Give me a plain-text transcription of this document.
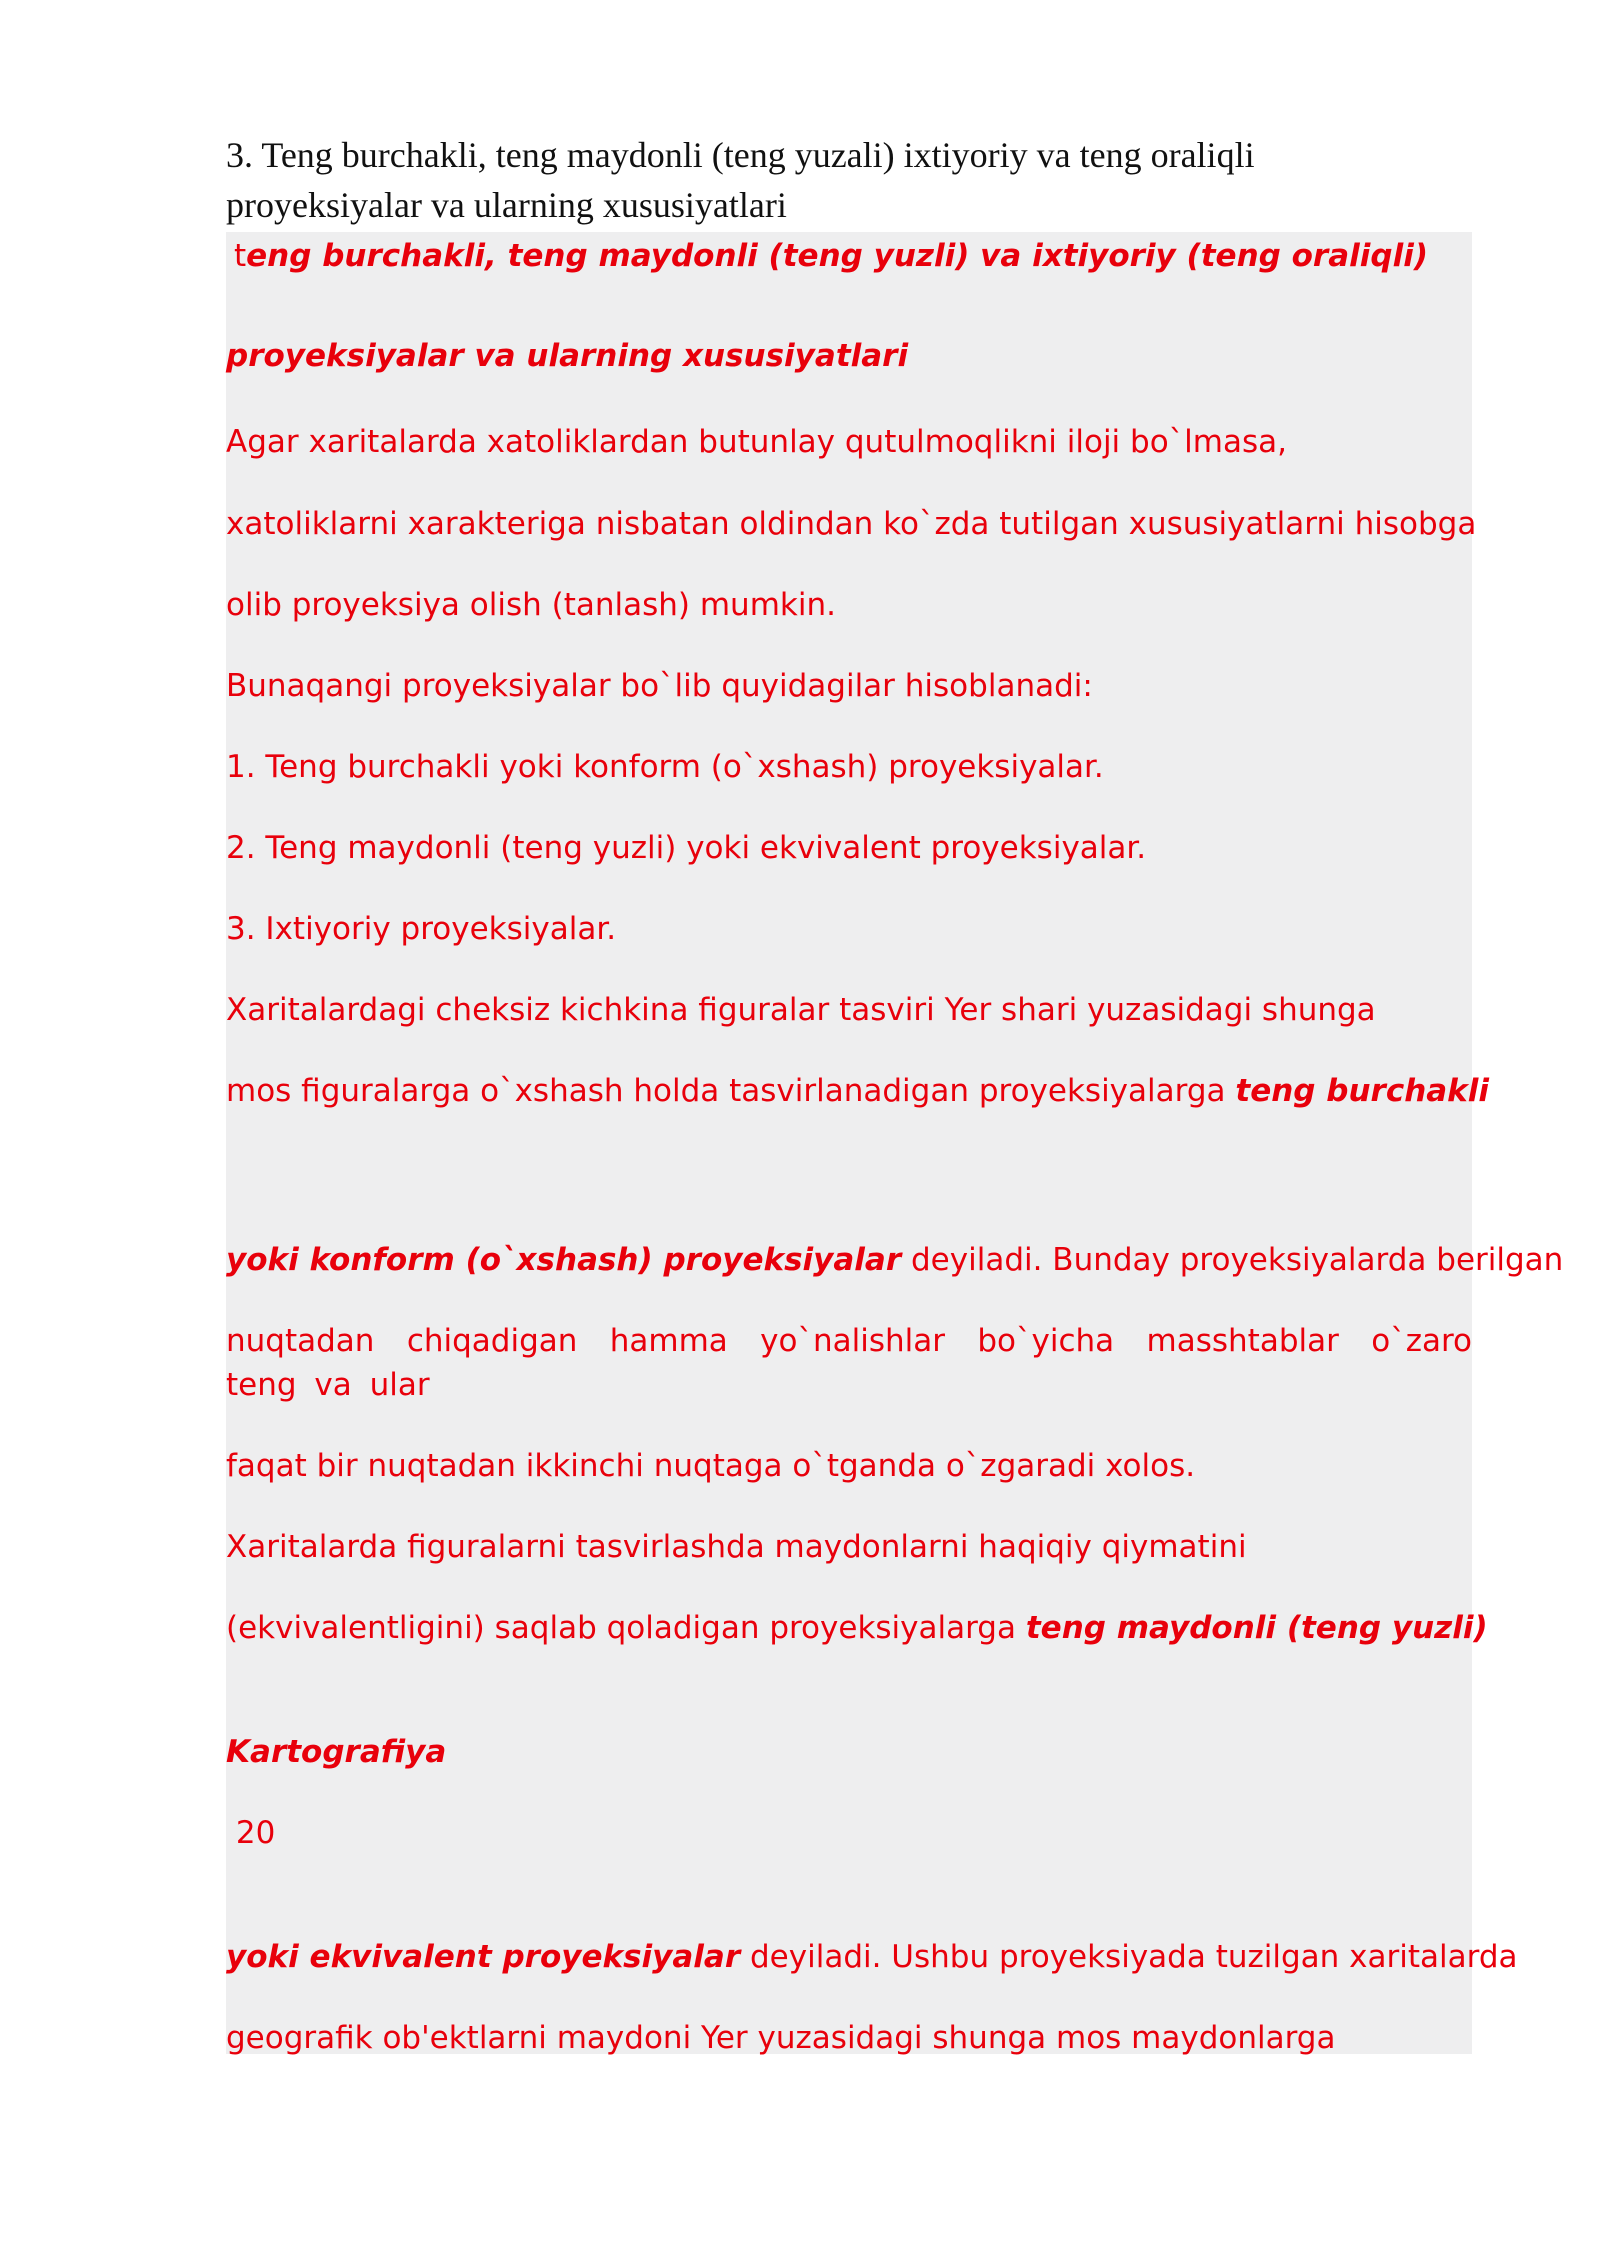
3. Teng burchakli, teng maydonli (teng yuzali) ixtiyoriy va teng oraliqli
proyeksiyalar va ularning xususiyatlari
teng burchakli, teng maydonli (teng yuzli) va ixtiyoriy (teng oraliqli)
proyeksiyalar va ularning xususiyatlari
Agar xaritalarda xatoliklardan butunlay qutulmoqlikni iloji bo`lmasa,
xatoliklarni xarakteriga nisbatan oldindan ko`zda tutilgan xususiyatlarni hisobga
olib proyeksiya olish (tanlash) mumkin.
Bunaqangi proyeksiyalar bo`lib quyidagilar hisoblanadi:
1. Teng burchakli yoki konform (o`xshash) proyeksiyalar.
2. Teng maydonli (teng yuzli) yoki ekvivalent proyeksiyalar.
3. Ixtiyoriy proyeksiyalar.
Xaritalardagi cheksiz kichkina figuralar tasviri Yer shari yuzasidagi shunga
mos figuralarga o`xshash holda tasvirlanadigan proyeksiyalarga teng burchakli
yoki konform (o`xshash) proyeksiyalar deyiladi. Bunday proyeksiyalarda berilgan
nuqtadan chiqadigan hamma yo`nalishlar bo`yicha masshtablar o`zaro teng va ular
faqat bir nuqtadan ikkinchi nuqtaga o`tganda o`zgaradi xolos.
Xaritalarda figuralarni tasvirlashda maydonlarni haqiqiy qiymatini
(ekvivalentligini) saqlab qoladigan proyeksiyalarga teng maydonli (teng yuzli)
Kartografiya
20
yoki ekvivalent proyeksiyalar deyiladi. Ushbu proyeksiyada tuzilgan xaritalarda
geografik ob'ektlarni maydoni Yer yuzasidagi shunga mos maydonlarga
